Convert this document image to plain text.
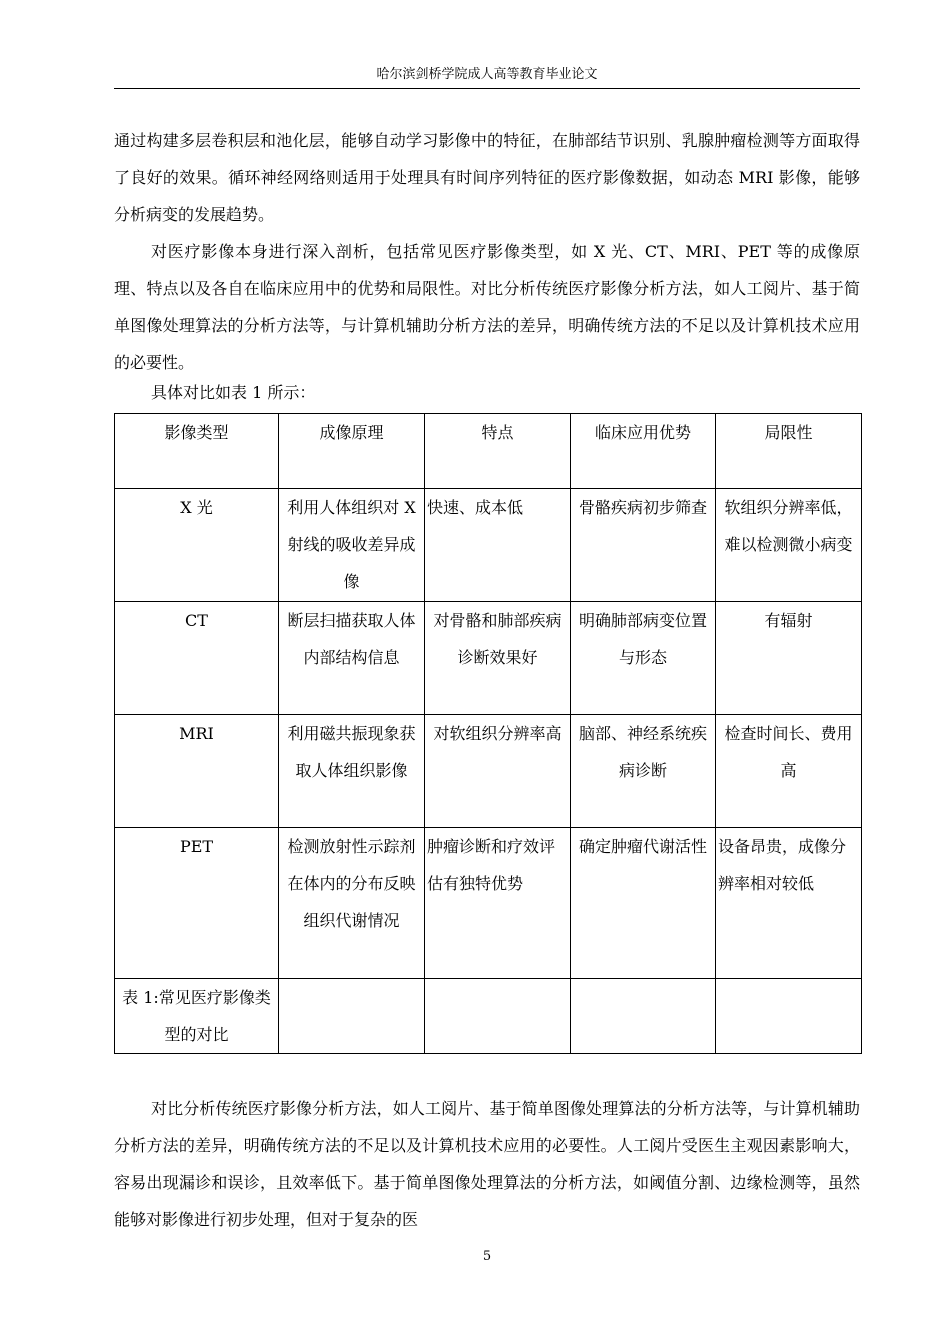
哈尔滨剑桥学院成人高等教育毕业论文

通过构建多层卷积层和池化层，能够自动学习影像中的特征，在肺部结节识别、乳腺肿瘤检测等方面取得了良好的效果。循环神经网络则适用于处理具有时间序列特征的医疗影像数据，如动态 MRI 影像，能够分析病变的发展趋势。

对医疗影像本身进行深入剖析，包括常见医疗影像类型，如 X 光、CT、MRI、PET 等的成像原理、特点以及各自在临床应用中的优势和局限性。对比分析传统医疗影像分析方法，如人工阅片、基于简单图像处理算法的分析方法等，与计算机辅助分析方法的差异，明确传统方法的不足以及计算机技术应用的必要性。

具体对比如表 1 所示：

影像类型	成像原理	特点	临床应用优势	局限性
X 光	利用人体组织对 X 射线的吸收差异成像	快速、成本低	骨骼疾病初步筛查	软组织分辨率低，难以检测微小病变
CT	断层扫描获取人体内部结构信息	对骨骼和肺部疾病诊断效果好	明确肺部病变位置与形态	有辐射
MRI	利用磁共振现象获取人体组织影像	对软组织分辨率高	脑部、神经系统疾病诊断	检查时间长、费用高
PET	检测放射性示踪剂在体内的分布反映组织代谢情况	肿瘤诊断和疗效评估有独特优势	确定肿瘤代谢活性	设备昂贵，成像分辨率相对较低
表 1:常见医疗影像类型的对比				

对比分析传统医疗影像分析方法，如人工阅片、基于简单图像处理算法的分析方法等，与计算机辅助分析方法的差异，明确传统方法的不足以及计算机技术应用的必要性。人工阅片受医生主观因素影响大，容易出现漏诊和误诊，且效率低下。基于简单图像处理算法的分析方法，如阈值分割、边缘检测等，虽然能够对影像进行初步处理，但对于复杂的医

5
